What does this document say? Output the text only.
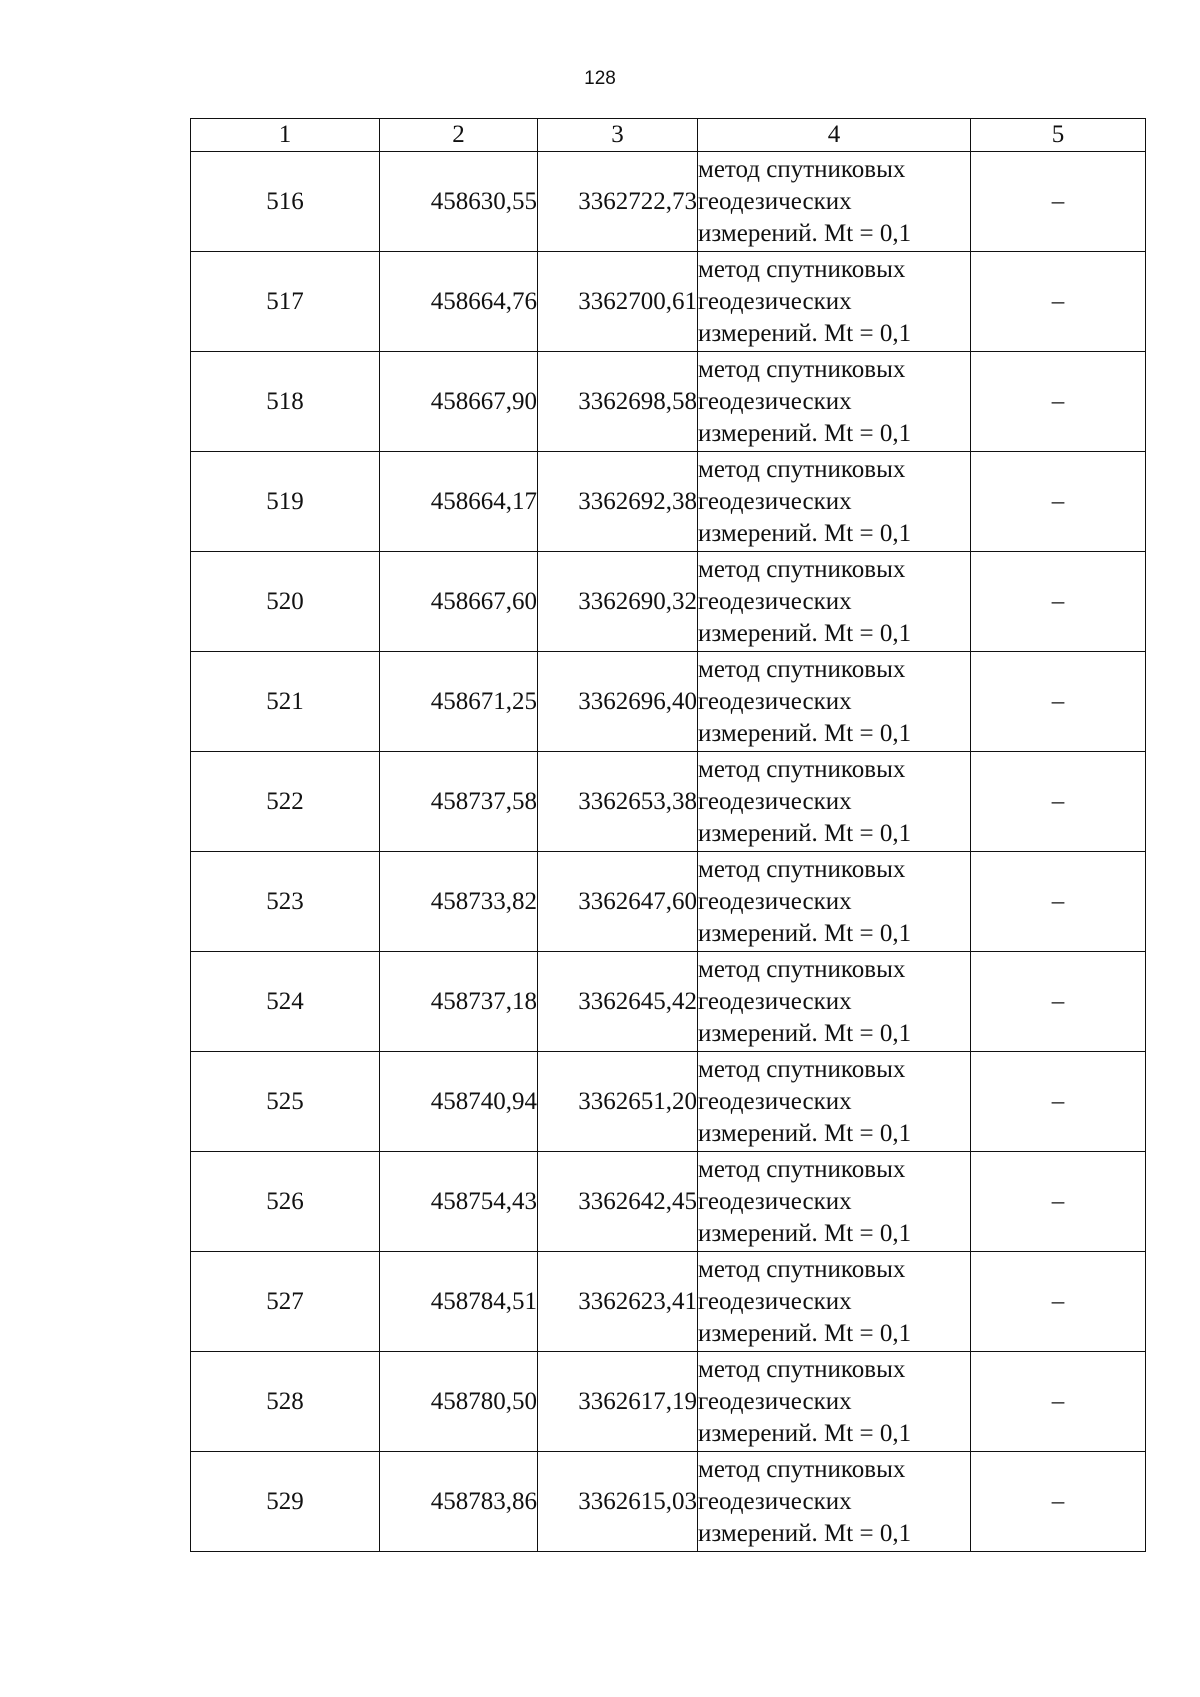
128
1	2	3	4	5
516	458630,55	3362722,73	метод спутниковых
геодезических
измерений. Mt = 0,1	–
517	458664,76	3362700,61	метод спутниковых
геодезических
измерений. Mt = 0,1	–
518	458667,90	3362698,58	метод спутниковых
геодезических
измерений. Mt = 0,1	–
519	458664,17	3362692,38	метод спутниковых
геодезических
измерений. Mt = 0,1	–
520	458667,60	3362690,32	метод спутниковых
геодезических
измерений. Mt = 0,1	–
521	458671,25	3362696,40	метод спутниковых
геодезических
измерений. Mt = 0,1	–
522	458737,58	3362653,38	метод спутниковых
геодезических
измерений. Mt = 0,1	–
523	458733,82	3362647,60	метод спутниковых
геодезических
измерений. Mt = 0,1	–
524	458737,18	3362645,42	метод спутниковых
геодезических
измерений. Mt = 0,1	–
525	458740,94	3362651,20	метод спутниковых
геодезических
измерений. Mt = 0,1	–
526	458754,43	3362642,45	метод спутниковых
геодезических
измерений. Mt = 0,1	–
527	458784,51	3362623,41	метод спутниковых
геодезических
измерений. Mt = 0,1	–
528	458780,50	3362617,19	метод спутниковых
геодезических
измерений. Mt = 0,1	–
529	458783,86	3362615,03	метод спутниковых
геодезических
измерений. Mt = 0,1	–
